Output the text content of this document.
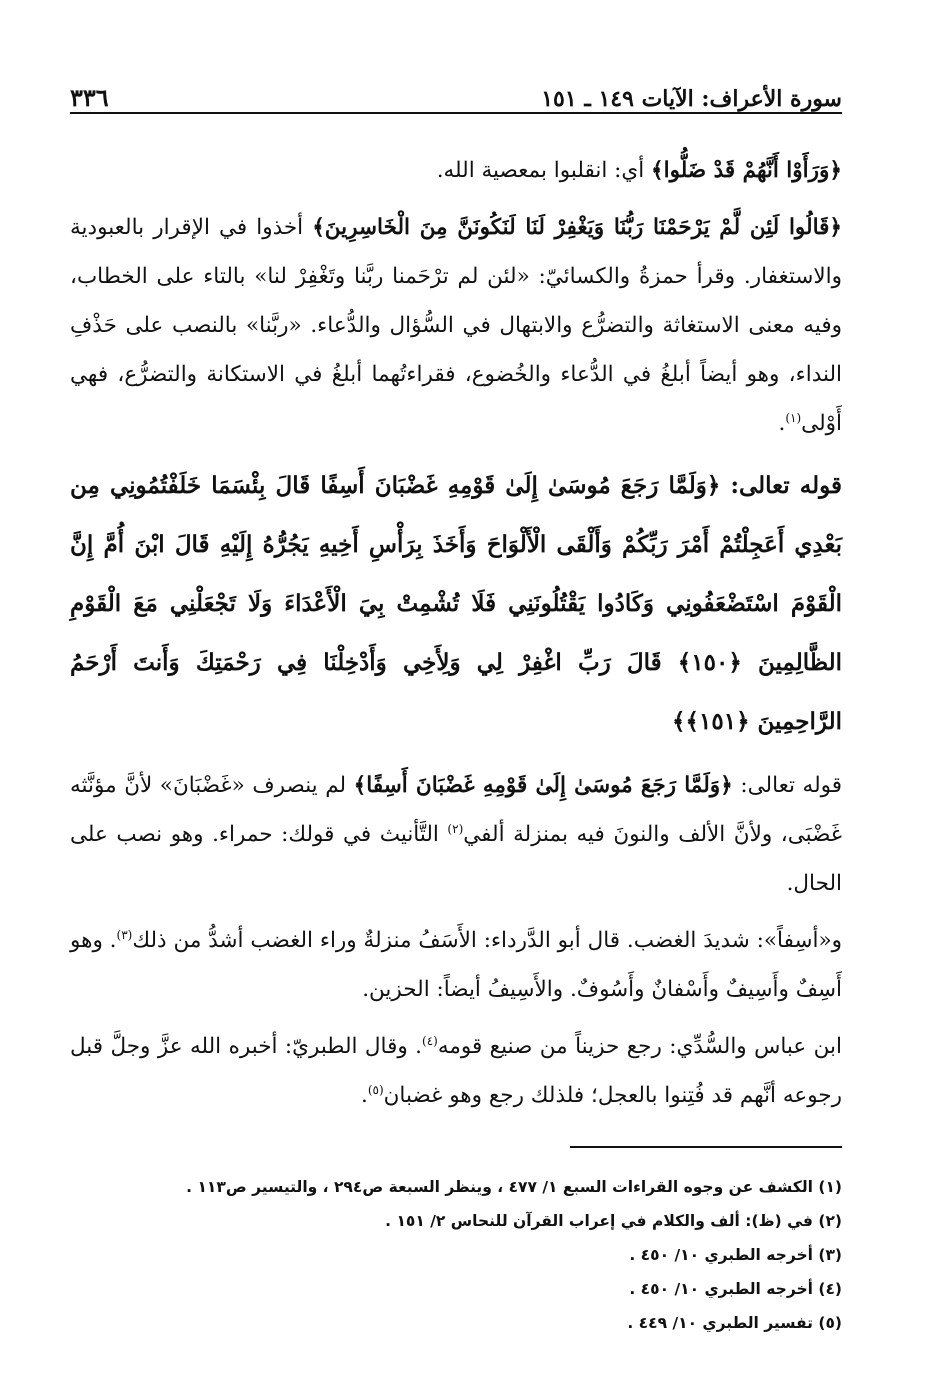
سورة الأعراف: الآيات ١٤٩ ـ ١٥١
٣٣٦

﴿وَرَأَوْا أَنَّهُمْ قَدْ ضَلُّوا﴾ أي: انقلبوا بمعصية الله.

﴿قَالُوا لَئِن لَّمْ يَرْحَمْنَا رَبُّنَا وَيَغْفِرْ لَنَا لَنَكُونَنَّ مِنَ الْخَاسِرِينَ﴾ أخذوا في الإقرار بالعبودية والاستغفار. وقرأ حمزةُ والكسائيّ: «لئن لم ترْحَمنا ربَّنا وتَغْفِرْ لنا» بالتاء على الخطاب، وفيه معنى الاستغاثة والتضرُّع والابتهال في السُّؤال والدُّعاء. «ربَّنا» بالنصب على حَذْفِ النداء، وهو أيضاً أبلغُ في الدُّعاء والخُضوع، فقراءتُهما أبلغُ في الاستكانة والتضرُّع، فهي أَوْلى$^{(١)}$.

قوله تعالى: ﴿وَلَمَّا رَجَعَ مُوسَىٰ إِلَىٰ قَوْمِهِ غَضْبَانَ أَسِفًا قَالَ بِئْسَمَا خَلَفْتُمُونِي مِن بَعْدِي أَعَجِلْتُمْ أَمْرَ رَبِّكُمْ وَأَلْقَى الْأَلْوَاحَ وَأَخَذَ بِرَأْسِ أَخِيهِ يَجُرُّهُ إِلَيْهِ قَالَ ابْنَ أُمَّ إِنَّ الْقَوْمَ اسْتَضْعَفُونِي وَكَادُوا يَقْتُلُونَنِي فَلَا تُشْمِتْ بِيَ الْأَعْدَاءَ وَلَا تَجْعَلْنِي مَعَ الْقَوْمِ الظَّالِمِينَ ﴿١٥٠﴾ قَالَ رَبِّ اغْفِرْ لِي وَلِأَخِي وَأَدْخِلْنَا فِي رَحْمَتِكَ وَأَنتَ أَرْحَمُ الرَّاحِمِينَ ﴿١٥١﴾﴾

قوله تعالى: ﴿وَلَمَّا رَجَعَ مُوسَىٰ إِلَىٰ قَوْمِهِ غَضْبَانَ أَسِفًا﴾ لم ينصرف «غَضْبَانَ» لأنَّ مؤنَّثه غَضْبَى، ولأنَّ الألف والنونَ فيه بمنزلة ألفي$^{(٢)}$ التَّأنيث في قولك: حمراء. وهو نصب على الحال.

و«أسِفاً»: شديدَ الغضب. قال أبو الدَّرداء: الأَسَفُ منزلةٌ وراء الغضب أشدُّ من ذلك$^{(٣)}$. وهو أَسِفٌ وأَسِيفٌ وأَسْفانٌ وأَسُوفٌ. والأَسِيفُ أيضاً: الحزين.

ابن عباس والسُّدِّي: رجع حزيناً من صنيع قومه$^{(٤)}$. وقال الطبريّ: أخبره الله عزَّ وجلَّ قبل رجوعه أنَّهم قد فُتِنوا بالعجل؛ فلذلك رجع وهو غضبان$^{(٥)}$.

(١) الكشف عن وجوه القراءات السبع ١/ ٤٧٧ ، وينظر السبعة ص٢٩٤ ، والتيسير ص١١٣ .
(٢) في (ظ): ألف والكلام في إعراب القرآن للنحاس ٢/ ١٥١ .
(٣) أخرجه الطبري ١٠/ ٤٥٠ .
(٤) أخرجه الطبري ١٠/ ٤٥٠ .
(٥) تفسير الطبري ١٠/ ٤٤٩ .
